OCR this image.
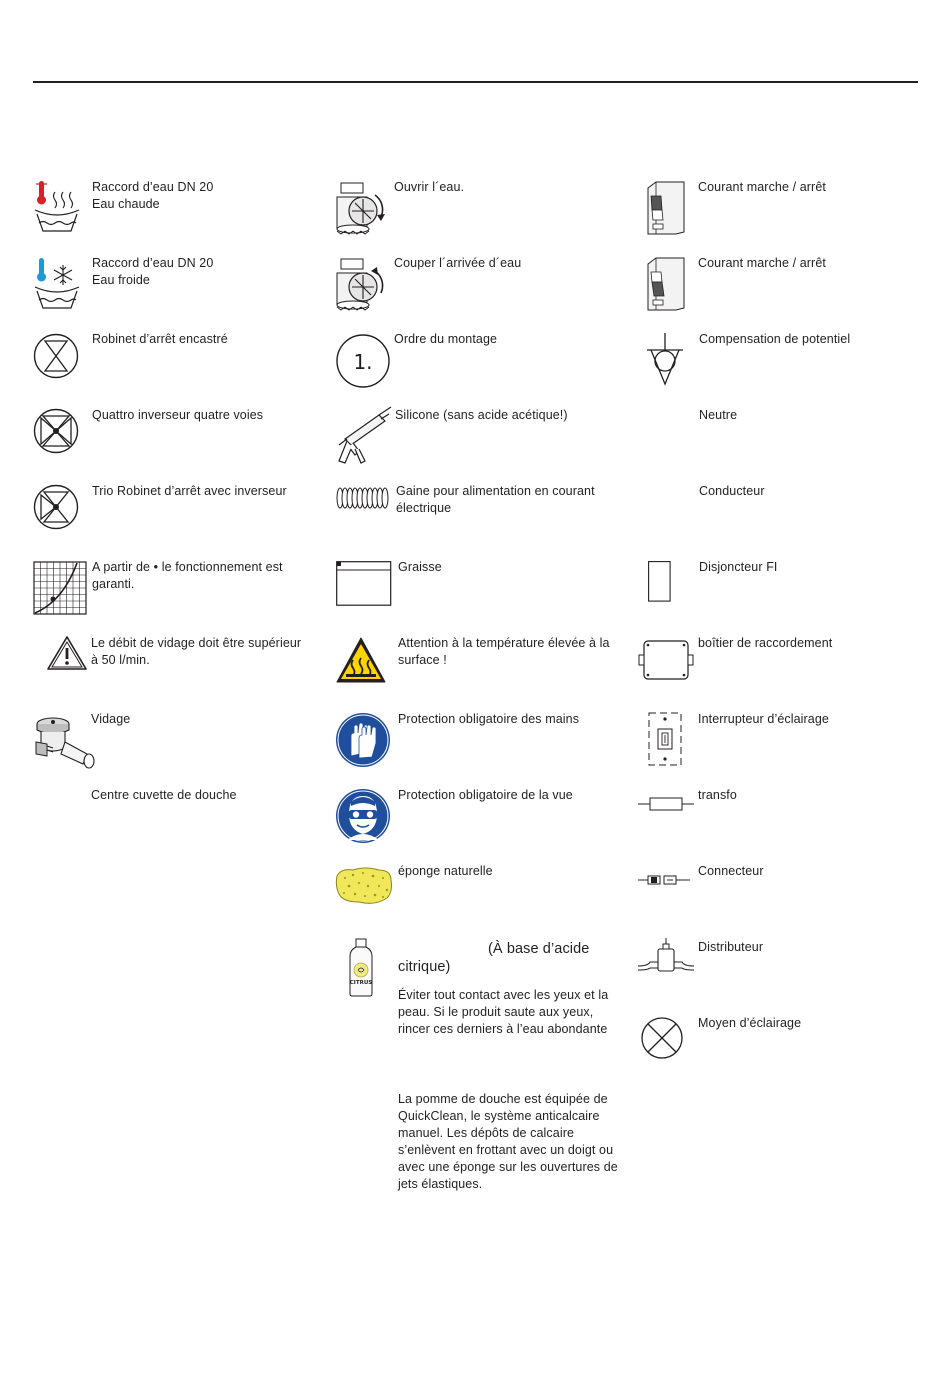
Raccord d’eau DN 20
Eau chaude
Raccord d’eau DN 20
Eau froide
Robinet d’arrêt encastré
Quattro inverseur quatre voies
Trio Robinet d’arrêt avec inverseur
A partir de • le fonctionnement est garanti.
Le débit de vidage doit être supérieur à 50 l/min.
Vidage
Centre cuvette de douche
Ouvrir l´eau.
Couper l´arrivée d´eau
1.
Ordre du montage
Silicone (sans acide acétique!)
Gaine pour alimentation en courant électrique
Graisse
Attention à la température élevée à la surface !
Protection obligatoire des mains
Protection obligatoire de la vue
éponge naturelle
CITRUS
(À base d’acide citrique)
Éviter tout contact avec les yeux et la peau. Si le produit saute aux yeux, rincer ces derniers à l’eau abondante
La pomme de douche est équipée de QuickClean, le système anticalcaire manuel. Les dépôts de calcaire s’enlèvent en frottant avec un doigt ou avec une éponge sur les ouvertures de jets élastiques.
Courant marche / arrêt
Courant marche / arrêt
Compensation de potentiel
Neutre
Conducteur
Disjoncteur FI
boîtier de raccordement
Interrupteur d’éclairage
transfo
Connecteur
Distributeur
Moyen d’éclairage
